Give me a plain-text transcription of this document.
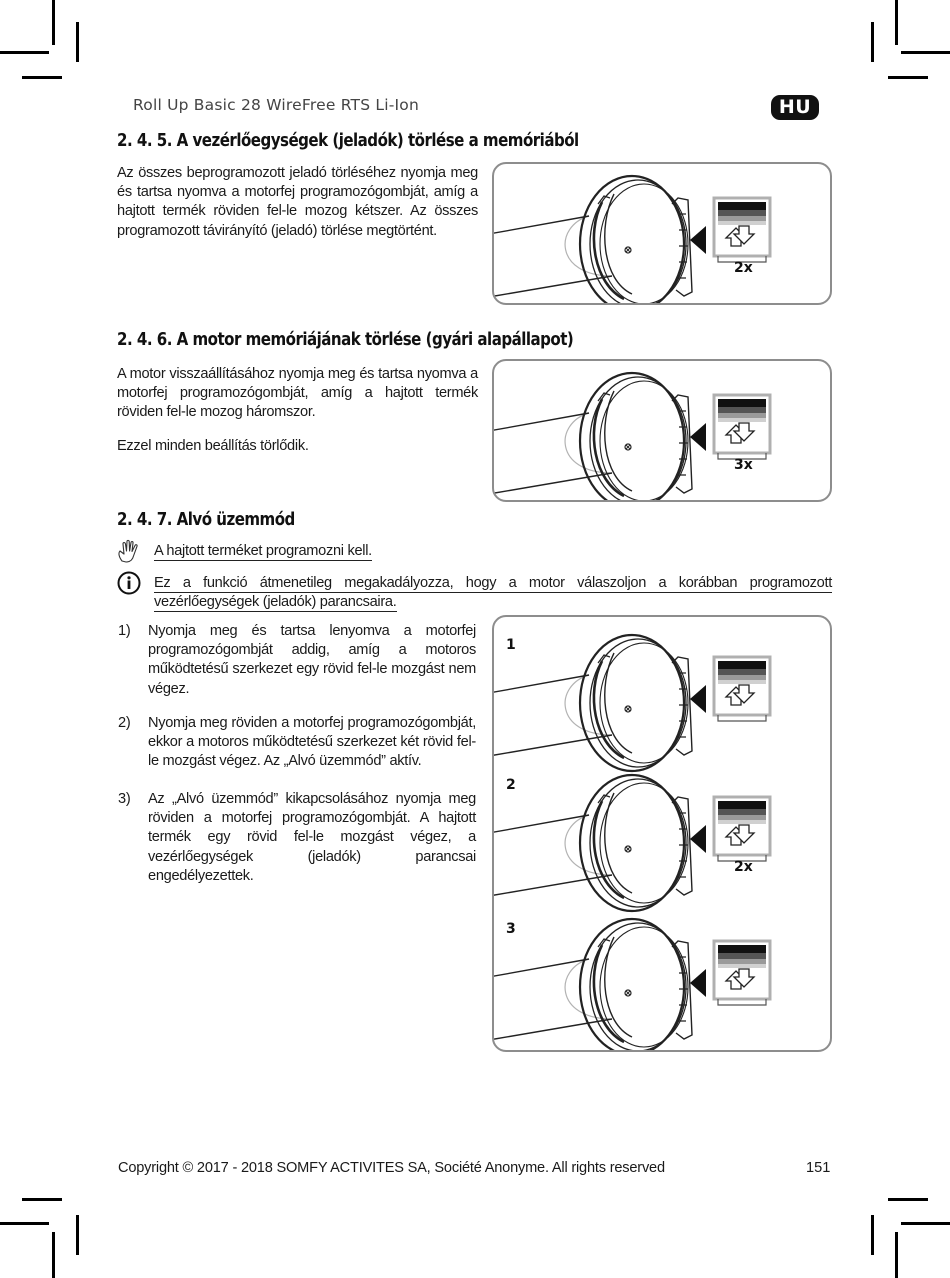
Roll Up Basic 28 WireFree RTS Li-Ion	HU
2. 4. 5. A vezérlőegységek (jeladók) törlése a memóriából
Az összes beprogramozott jeladó törléséhez nyomja meg és tartsa nyomva a motorfej programozógombját, amíg a hajtott termék röviden fel-le mozog kétszer. Az összes programozott távirányító (jeladó) törlése megtörtént.
2x
2. 4. 6. A motor memóriájának törlése (gyári alapállapot)
A motor visszaállításához nyomja meg és tartsa nyomva a motorfej programozógombját, amíg a hajtott termék röviden fel-le mozog háromszor.
Ezzel minden beállítás törlődik.
3x
2. 4. 7. Alvó üzemmód
A hajtott terméket programozni kell.
Ez a funkció átmenetileg megakadályozza, hogy a motor válaszoljon a korábban programozott vezérlőegységek (jeladók) parancsaira.
1) Nyomja meg és tartsa lenyomva a motorfej programozógombját addig, amíg a motoros működtetésű szerkezet egy rövid fel-le mozgást nem végez.
2) Nyomja meg röviden a motorfej programozógombját, ekkor a motoros működtetésű szerkezet két rövid fel-le mozgást végez. Az „Alvó üzemmód” aktív.
3) Az „Alvó üzemmód” kikapcsolásához nyomja meg röviden a motorfej programozógombját. A hajtott termék egy rövid fel-le mozgást végez, a vezérlőegységek (jeladók) parancsai engedélyezettek.
1
2
2x
3
Copyright © 2017 - 2018 SOMFY ACTIVITES SA, Société Anonyme. All rights reserved	151
